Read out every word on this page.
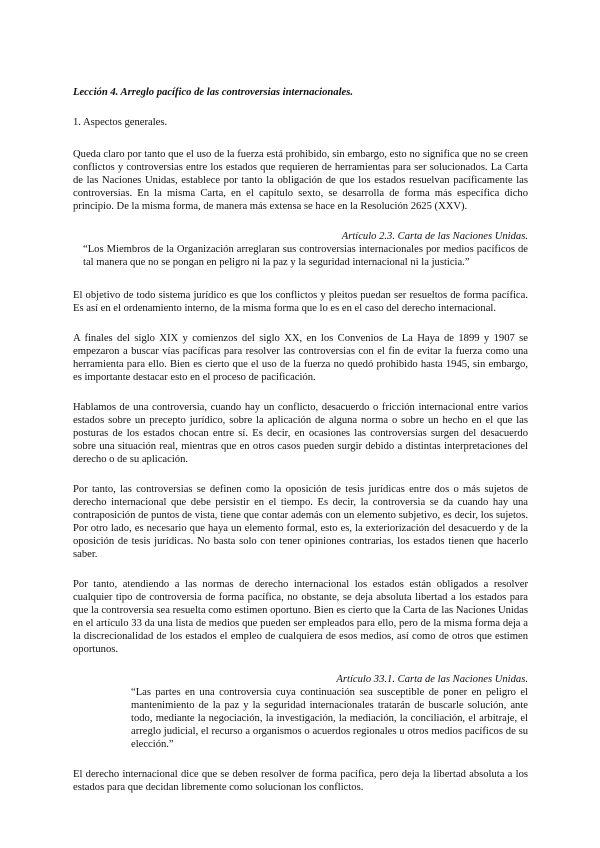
Lección 4. Arreglo pacífico de las controversias internacionales.

1. Aspectos generales.

Queda claro por tanto que el uso de la fuerza está prohibido, sin embargo, esto no significa que no se creen conflictos y controversias entre los estados que requieren de herramientas para ser solucionados. La Carta de las Naciones Unidas, establece por tanto la obligación de que los estados resuelvan pacíficamente las controversias. En la misma Carta, en el capítulo sexto, se desarrolla de forma más específica dicho principio. De la misma forma, de manera más extensa se hace en la Resolución 2625 (XXV).

Artículo 2.3. Carta de las Naciones Unidas.

“Los Miembros de la Organización arreglaran sus controversias internacionales por medios pacíficos de tal manera que no se pongan en peligro ni la paz y la seguridad internacional ni la justicia.”

El objetivo de todo sistema jurídico es que los conflictos y pleitos puedan ser resueltos de forma pacífica. Es así en el ordenamiento interno, de la misma forma que lo es en el caso del derecho internacional.

A finales del siglo XIX y comienzos del siglo XX, en los Convenios de La Haya de 1899 y 1907 se empezaron a buscar vías pacíficas para resolver las controversias con el fin de evitar la fuerza como una herramienta para ello. Bien es cierto que el uso de la fuerza no quedó prohibido hasta 1945, sin embargo, es importante destacar esto en el proceso de pacificación.

Hablamos de una controversia, cuando hay un conflicto, desacuerdo o fricción internacional entre varios estados sobre un precepto jurídico, sobre la aplicación de alguna norma o sobre un hecho en el que las posturas de los estados chocan entre sí. Es decir, en ocasiones las controversias surgen del desacuerdo sobre una situación real, mientras que en otros casos pueden surgir debido a distintas interpretaciones del derecho o de su aplicación.

Por tanto, las controversias se definen como la oposición de tesis jurídicas entre dos o más sujetos de derecho internacional que debe persistir en el tiempo. Es decir, la controversia se da cuando hay una contraposición de puntos de vista, tiene que contar además con un elemento subjetivo, es decir, los sujetos. Por otro lado, es necesario que haya un elemento formal, esto es, la exteriorización del desacuerdo y de la oposición de tesis jurídicas. No basta solo con tener opiniones contrarias, los estados tienen que hacerlo saber.

Por tanto, atendiendo a las normas de derecho internacional los estados están obligados a resolver cualquier tipo de controversia de forma pacífica, no obstante, se deja absoluta libertad a los estados para que la controversia sea resuelta como estimen oportuno. Bien es cierto que la Carta de las Naciones Unidas en el artículo 33 da una lista de medios que pueden ser empleados para ello, pero de la misma forma deja a la discrecionalidad de los estados el empleo de cualquiera de esos medios, así como de otros que estimen oportunos.

Artículo 33.1. Carta de las Naciones Unidas.

“Las partes en una controversia cuya continuación sea susceptible de poner en peligro el mantenimiento de la paz y la seguridad internacionales tratarán de buscarle solución, ante todo, mediante la negociación, la investigación, la mediación, la conciliación, el arbitraje, el arreglo judicial, el recurso a organismos o acuerdos regionales u otros medios pacíficos de su elección.”

El derecho internacional dice que se deben resolver de forma pacífica, pero deja la libertad absoluta a los estados para que decidan libremente como solucionan los conflictos.
